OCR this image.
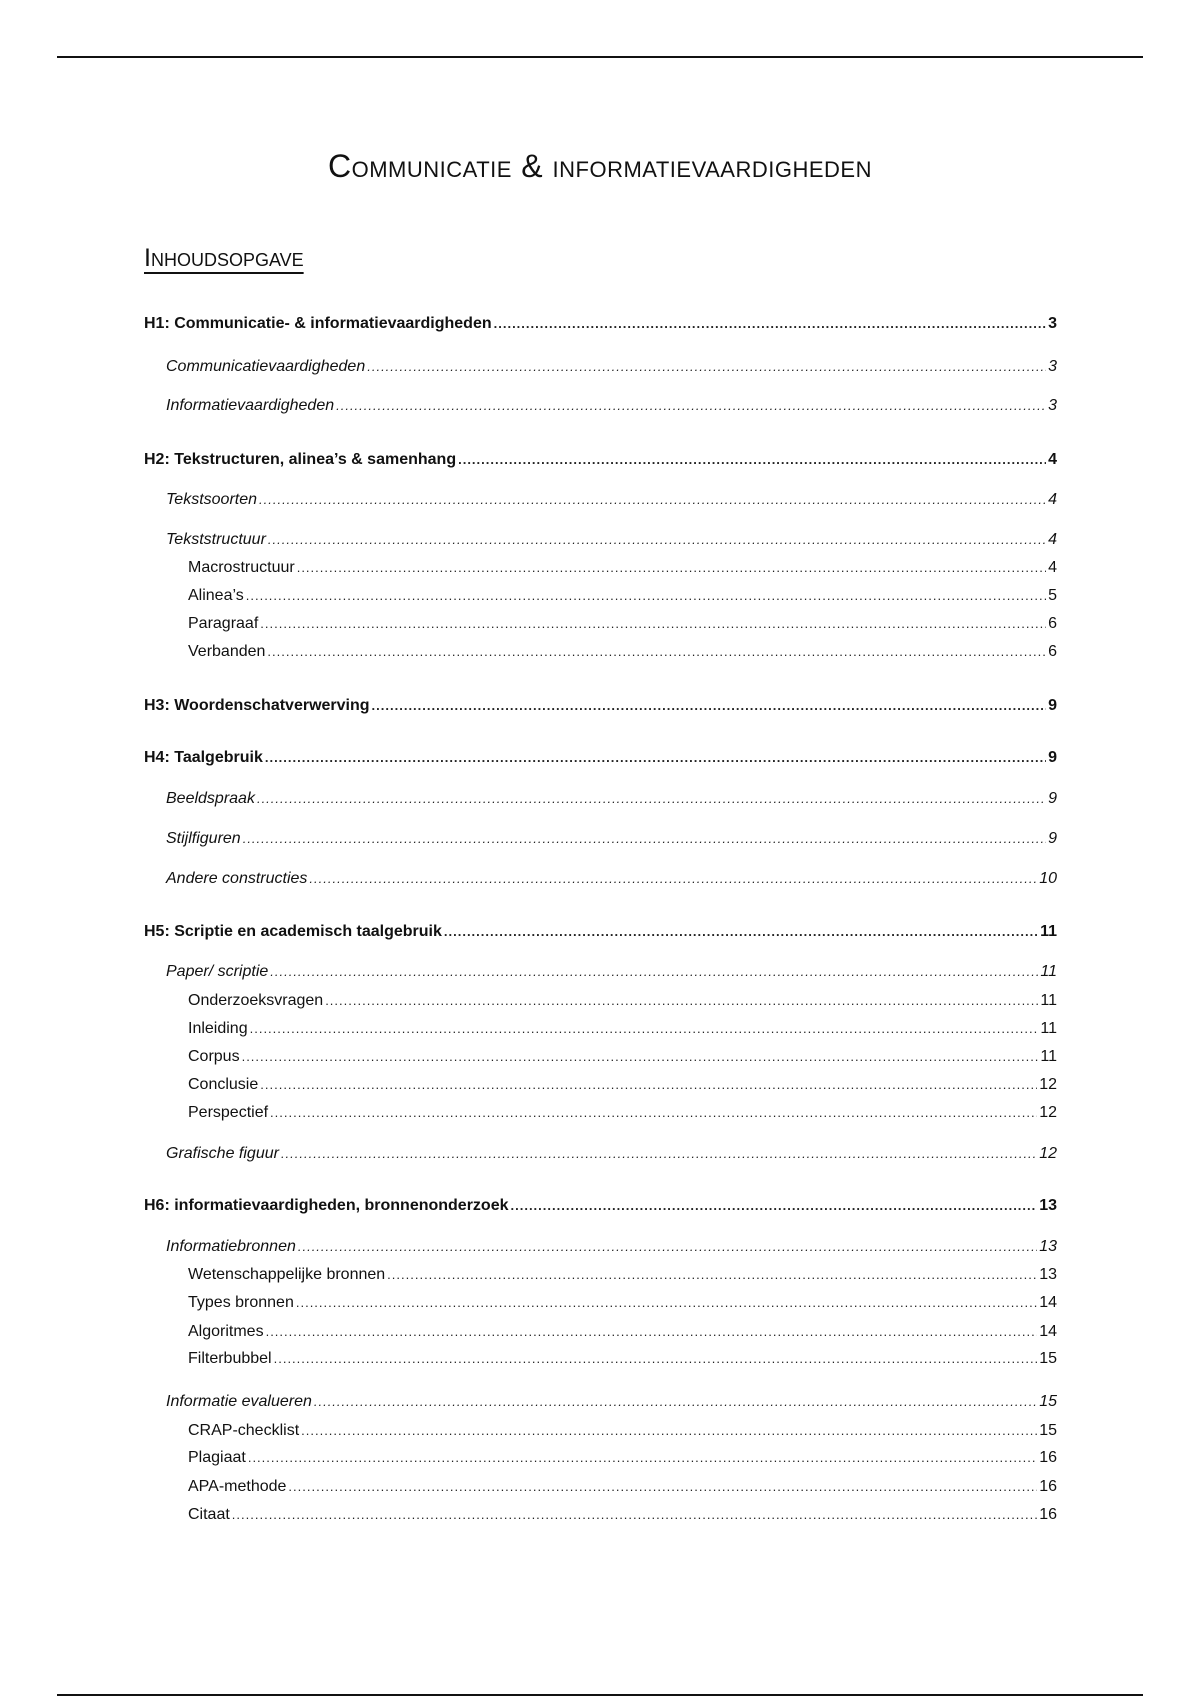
Communicatie & informatievaardigheden
Inhoudsopgave
H1: Communicatie- & informatievaardigheden .....	3
Communicatievaardigheden .....	3
Informatievaardigheden .....	3
H2: Tekstructuren, alinea’s & samenhang .....	4
Tekstsoorten .....	4
Tekststructuur .....	4
Macrostructuur .....	4
Alinea’s .....	5
Paragraaf .....	6
Verbanden .....	6
H3: Woordenschatverwerving .....	9
H4: Taalgebruik .....	9
Beeldspraak .....	9
Stijlfiguren .....	9
Andere constructies .....	10
H5: Scriptie en academisch taalgebruik .....	11
Paper/ scriptie .....	11
Onderzoeksvragen .....	11
Inleiding .....	11
Corpus .....	11
Conclusie .....	12
Perspectief .....	12
Grafische figuur .....	12
H6: informatievaardigheden, bronnenonderzoek .....	13
Informatiebronnen .....	13
Wetenschappelijke bronnen .....	13
Types bronnen .....	14
Algoritmes .....	14
Filterbubbel .....	15
Informatie evalueren .....	15
CRAP-checklist .....	15
Plagiaat .....	16
APA-methode .....	16
Citaat .....	16
